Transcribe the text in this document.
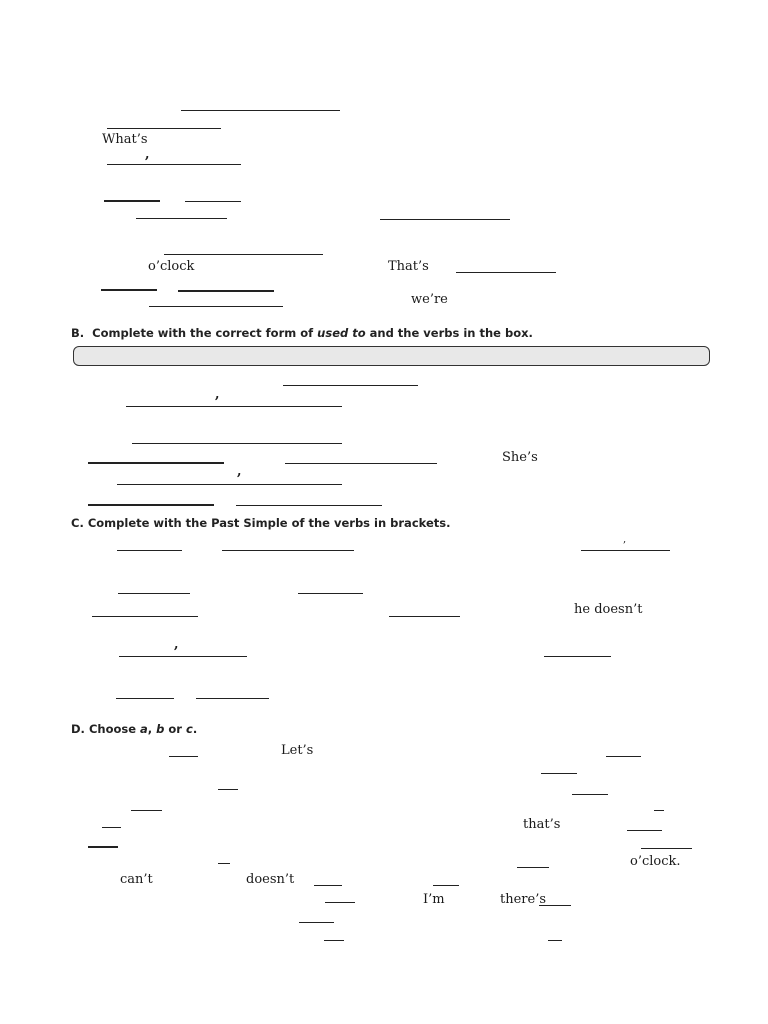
What’s
,
o’clock	That’s
we’re
B. Complete with the correct form of used to and the verbs in the box.
,
She’s
,
C. Complete with the Past Simple of the verbs in brackets.
,
he doesn’t
,
D. Choose a, b or c.
Let’s
that’s
o’clock.
can’t	doesn’t
I’m	there’s
